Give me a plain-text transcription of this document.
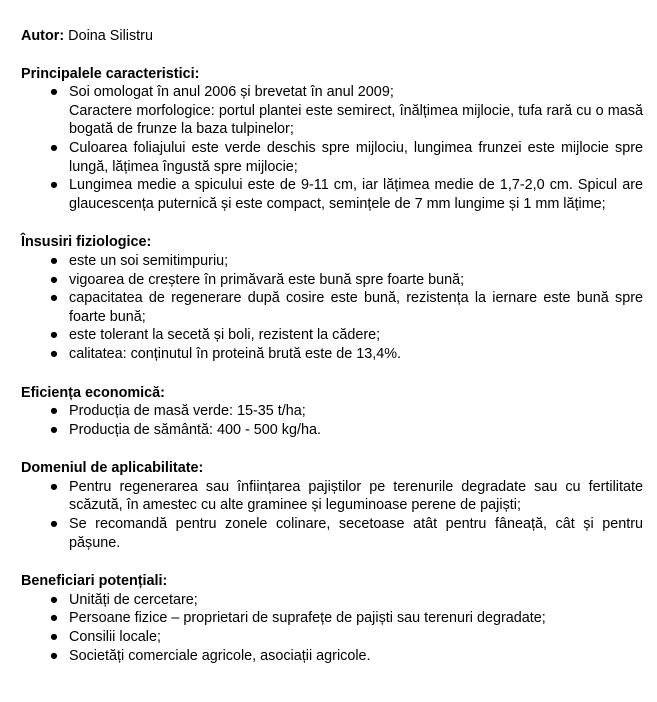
Autor: Doina Silistru
Principalele caracteristici:
● Soi omologat în anul 2006 și brevetat în anul 2009;
Caractere morfologice: portul plantei este semirect, înălțimea mijlocie, tufa rară cu o masă bogată de frunze la baza tulpinelor;
● Culoarea foliajului este verde deschis spre mijlociu, lungimea frunzei este mijlocie spre lungă, lățimea îngustă spre mijlocie;
● Lungimea medie a spicului este de 9-11 cm, iar lățimea medie de 1,7-2,0 cm. Spicul are glaucescența puternică și este compact, semințele de 7 mm lungime și 1 mm lățime;
Însusiri fiziologice:
● este un soi semitimpuriu;
● vigoarea de creștere în primăvară este bună spre foarte bună;
● capacitatea de regenerare după cosire este bună, rezistența la iernare este bună spre foarte bună;
● este tolerant la secetă și boli, rezistent la cădere;
● calitatea: conținutul în proteină brută este de 13,4%.
Eficiența economică:
● Producția de masă verde: 15-35 t/ha;
● Producția de sământă: 400 - 500 kg/ha.
Domeniul de aplicabilitate:
● Pentru regenerarea sau înființarea pajiștilor pe terenurile degradate sau cu fertilitate scăzută, în amestec cu alte graminee și leguminoase perene de pajiști;
● Se recomandă pentru zonele colinare, secetoase atât pentru fâneață, cât și pentru pășune.
Beneficiari potențiali:
● Unități de cercetare;
● Persoane fizice – proprietari de suprafețe de pajiști sau terenuri degradate;
● Consilii locale;
● Societăți comerciale agricole, asociații agricole.
